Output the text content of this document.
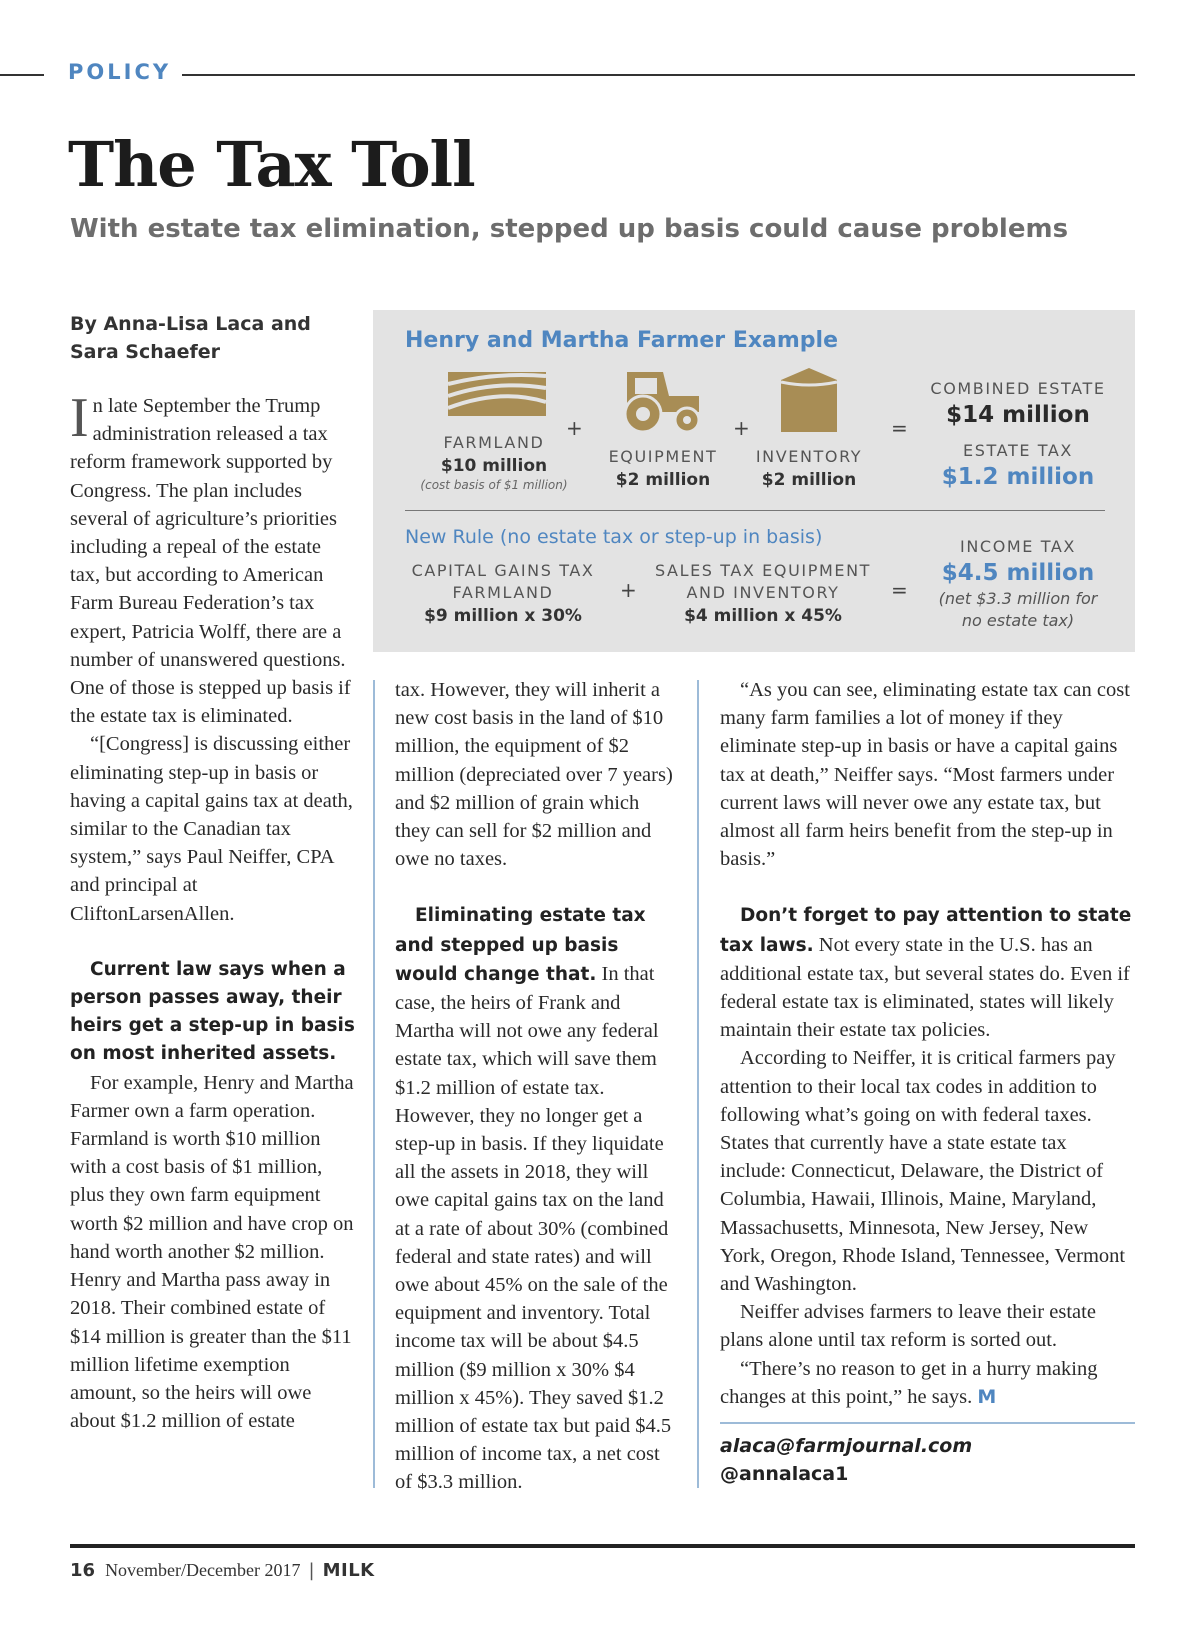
POLICY
The Tax Toll
With estate tax elimination, stepped up basis could cause problems
By Anna-Lisa Laca and
Sara Schaefer	Henry and Martha Farmer Example
FARMLAND
$10 million
(cost basis of $1 million)
+
EQUIPMENT
$2 million
+
INVENTORY
$2 million
=
COMBINED ESTATE
$14 million
ESTATE TAX
$1.2 million
New Rule (no estate tax or step-up in basis)
CAPITAL GAINS TAX
FARMLAND
$9 million x 30%
+
SALES TAX EQUIPMENT
AND INVENTORY
$4 million x 45%
=
INCOME TAX
$4.5 million
(net $3.3 million for
no estate tax)

In late September the Trump administration released a tax reform framework supported by Congress. The plan includes several of agriculture’s priorities including a repeal of the estate tax, but according to American Farm Bureau Federation’s tax expert, Patricia Wolff, there are a number of unanswered questions. One of those is stepped up basis if the estate tax is eliminated.

“[Congress] is discussing either eliminating step-up in basis or having a capital gains tax at death, similar to the Canadian tax system,” says Paul Neiffer, CPA and principal at CliftonLarsenAllen.

Current law says when a person passes away, their heirs get a step-up in basis on most inherited assets.

For example, Henry and Martha Farmer own a farm operation. Farmland is worth $10 million with a cost basis of $1 million, plus they own farm equipment worth $2 million and have crop on hand worth another $2 million. Henry and Martha pass away in 2018. Their combined estate of $14 million is greater than the $11 million lifetime exemption amount, so the heirs will owe about $1.2 million of estate

tax. However, they will inherit a new cost basis in the land of $10 million, the equipment of $2 million (depreciated over 7 years) and $2 million of grain which they can sell for $2 million and owe no taxes.

Eliminating estate tax and stepped up basis would change that. In that case, the heirs of Frank and Martha will not owe any federal estate tax, which will save them $1.2 million of estate tax. However, they no longer get a step-up in basis. If they liquidate all the assets in 2018, they will owe capital gains tax on the land at a rate of about 30% (combined federal and state rates) and will owe about 45% on the sale of the equipment and inventory. Total income tax will be about $4.5 million ($9 million x 30% $4 million x 45%). They saved $1.2 million of estate tax but paid $4.5 million of income tax, a net cost of $3.3 million.

“As you can see, eliminating estate tax can cost many farm families a lot of money if they eliminate step-up in basis or have a capital gains tax at death,” Neiffer says. “Most farmers under current laws will never owe any estate tax, but almost all farm heirs benefit from the step-up in basis.”

Don’t forget to pay attention to state tax laws. Not every state in the U.S. has an additional estate tax, but several states do. Even if federal estate tax is eliminated, states will likely maintain their estate tax policies.

According to Neiffer, it is critical farmers pay attention to their local tax codes in addition to following what’s going on with federal taxes. States that currently have a state estate tax include: Connecticut, Delaware, the District of Columbia, Hawaii, Illinois, Maine, Maryland, Massachusetts, Minnesota, New Jersey, New York, Oregon, Rhode Island, Tennessee, Vermont and Washington.

Neiffer advises farmers to leave their estate plans alone until tax reform is sorted out.

“There’s no reason to get in a hurry making changes at this point,” he says. M

alaca@farmjournal.com
@annalaca1
16 November/December 2017 | MILK
